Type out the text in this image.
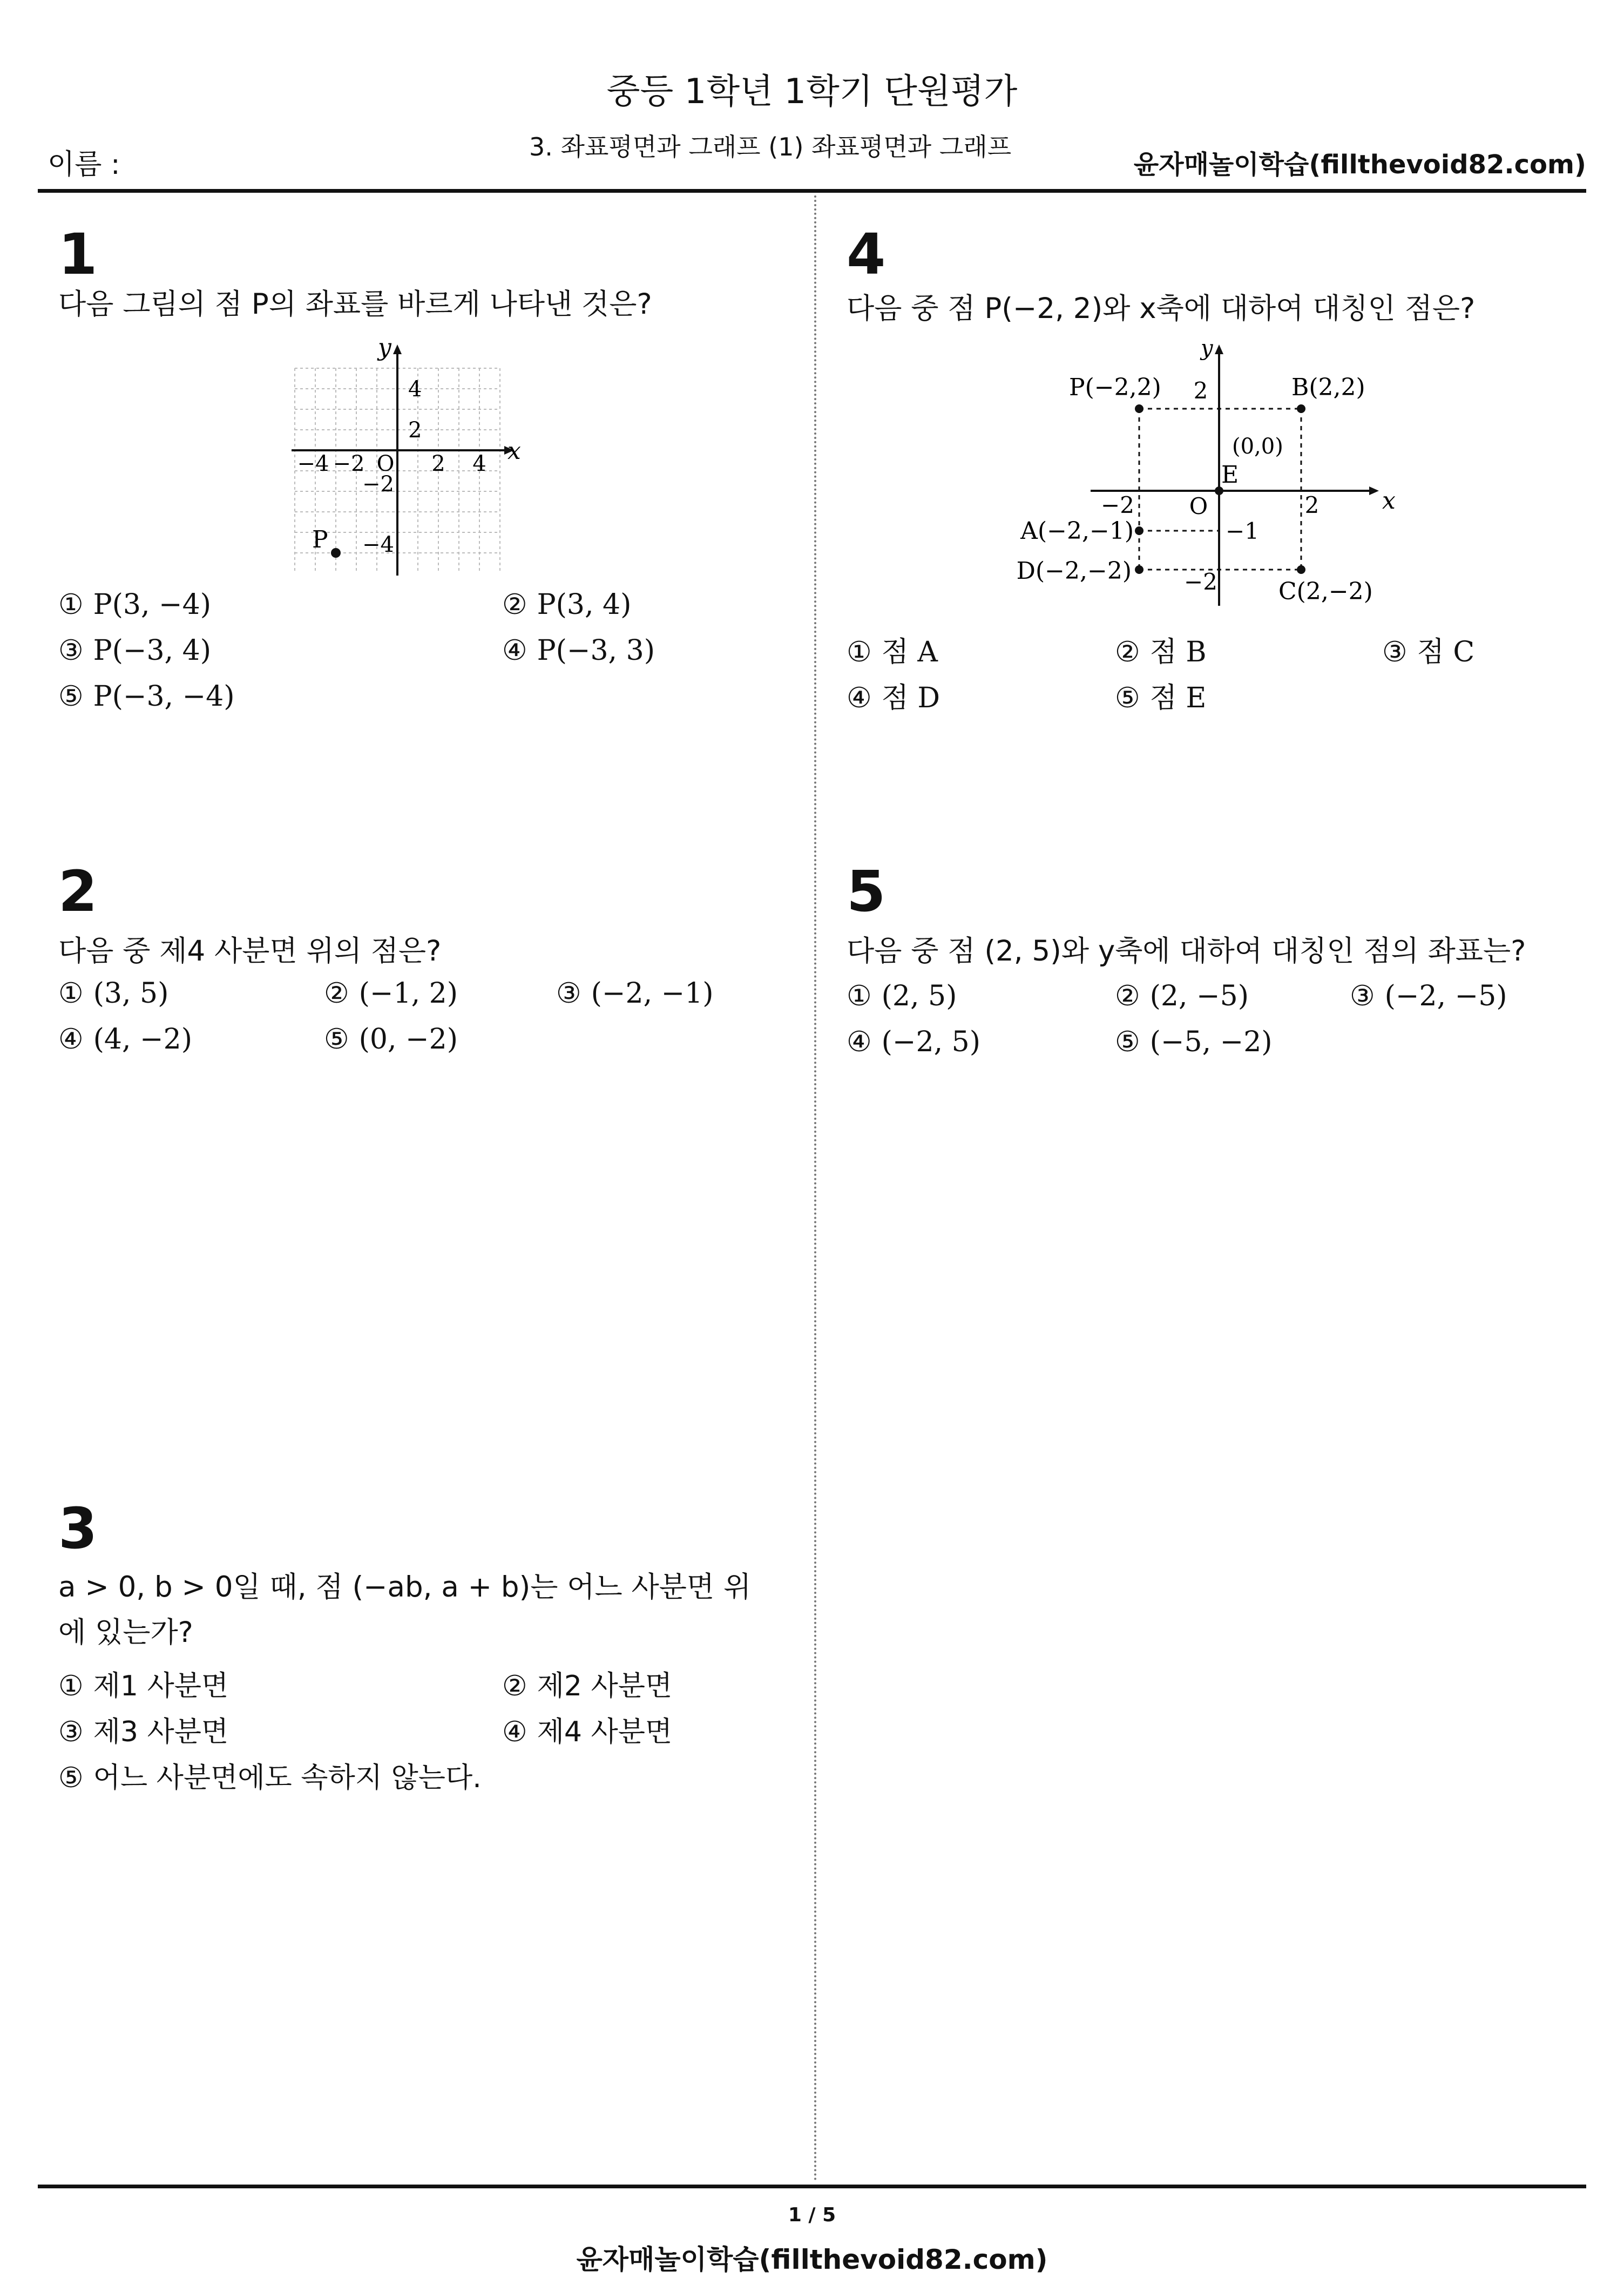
중등 1학년 1학기 단원평가
이름 :
3. 좌표평면과 그래프 (1) 좌표평면과 그래프
윤자매놀이학습(fillthevoid82.com)
1
다음 그림의 점 P의 좌표를 바르게 나타낸 것은?
x
y
O
−4 −2	2 4
4
2
−2
−4
P
① P(3, −4)	② P(3, 4)
③ P(−3, 4)	④ P(−3, 3)
⑤ P(−3, −4)
2
다음 중 제4 사분면 위의 점은?
① (3, 5)	② (−1, 2)	③ (−2, −1)
④ (4, −2)	⑤ (0, −2)
3
a > 0, b > 0일 때, 점 (−ab, a + b)는 어느 사분면 위
에 있는가?
① 제1 사분면	② 제2 사분면
③ 제3 사분면	④ 제4 사분면
⑤ 어느 사분면에도 속하지 않는다.
4
다음 중 점 P(−2, 2)와 x축에 대하여 대칭인 점은?
y
x
O
−2	2
2
−2
−1
P(−2,2)	B(2,2)
(0,0)
E
A(−2,−1)
D(−2,−2)
C(2,−2)
① 점 A	② 점 B	③ 점 C
④ 점 D	⑤ 점 E
5
다음 중 점 (2, 5)와 y축에 대하여 대칭인 점의 좌표는?
① (2, 5)	② (2, −5)	③ (−2, −5)
④ (−2, 5)	⑤ (−5, −2)
1 / 5
윤자매놀이학습(fillthevoid82.com)
